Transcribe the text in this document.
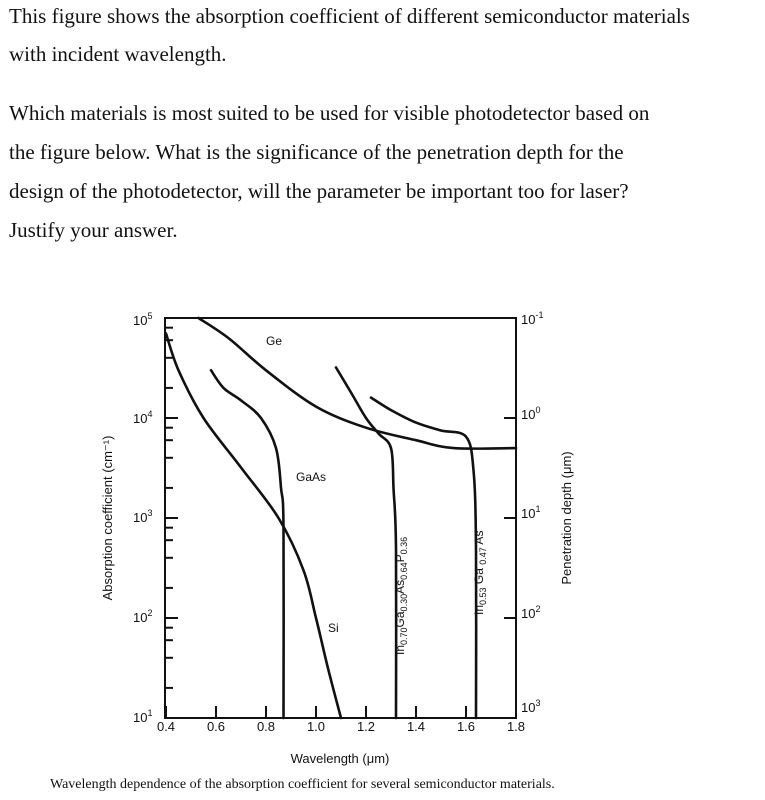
This figure shows the absorption coefficient of different semiconductor materials
with incident wavelength.
Which materials is most suited to be used for visible photodetector based on
the figure below. What is the significance of the penetration depth for the
design of the photodetector, will the parameter be important too for laser?
Justify your answer.
0.4 0.6 0.8 1.0 1.2 1.4 1.6 1.8
$10^1$
$10^2$
$10^3$
$10^4$
$10^5$
$10^3$
$10^2$
$10^1$
$10^0$
$10^{-1}$
Wavelength (μm)
Absorption coefficient (cm⁻¹)	Penetration depth (μm)
Ge
GaAs
Si
$In_{0.70}Ga_{0.30}As_{0.64}P_{0.36}$
$In_{0.53}$ Ga $_{0.47}$ As
Wavelength dependence of the absorption coefficient for several semiconductor materials.
